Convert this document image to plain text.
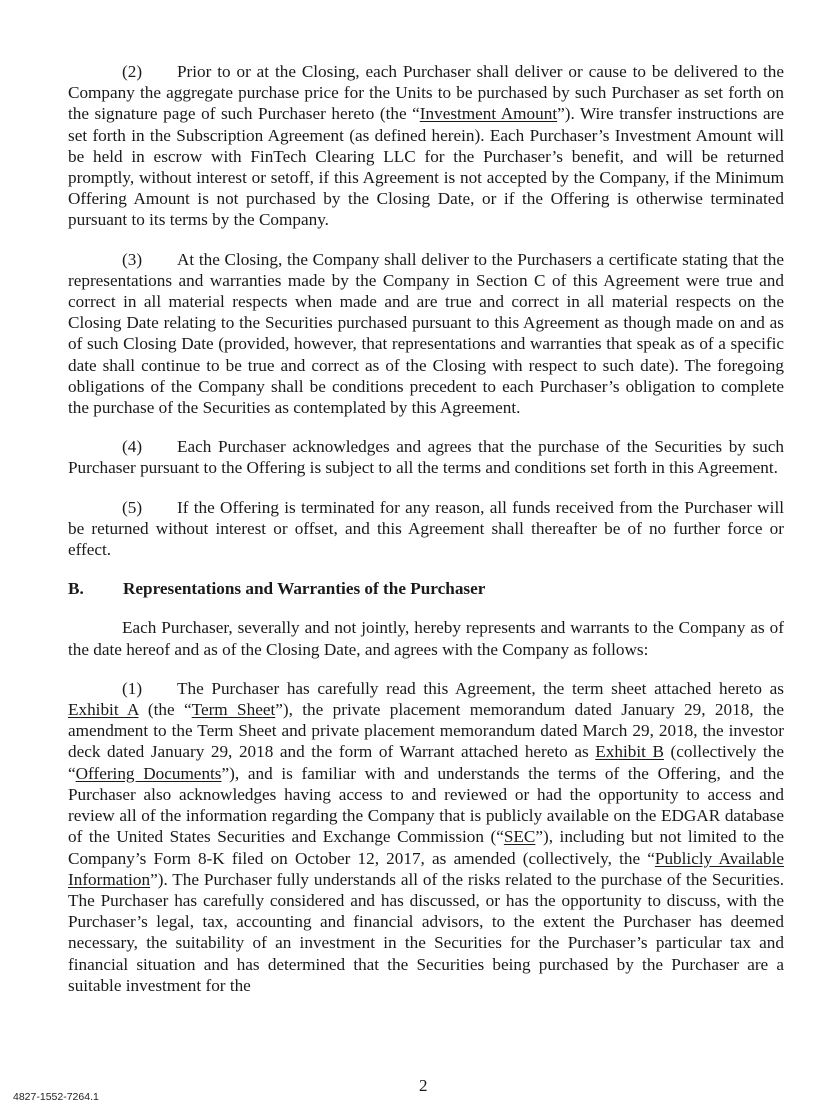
(2) Prior to or at the Closing, each Purchaser shall deliver or cause to be delivered to the Company the aggregate purchase price for the Units to be purchased by such Purchaser as set forth on the signature page of such Purchaser hereto (the “Investment Amount”). Wire transfer instructions are set forth in the Subscription Agreement (as defined herein). Each Purchaser’s Investment Amount will be held in escrow with FinTech Clearing LLC for the Purchaser’s benefit, and will be returned promptly, without interest or setoff, if this Agreement is not accepted by the Company, if the Minimum Offering Amount is not purchased by the Closing Date, or if the Offering is otherwise terminated pursuant to its terms by the Company.

(3) At the Closing, the Company shall deliver to the Purchasers a certificate stating that the representations and warranties made by the Company in Section C of this Agreement were true and correct in all material respects when made and are true and correct in all material respects on the Closing Date relating to the Securities purchased pursuant to this Agreement as though made on and as of such Closing Date (provided, however, that representations and warranties that speak as of a specific date shall continue to be true and correct as of the Closing with respect to such date). The foregoing obligations of the Company shall be conditions precedent to each Purchaser’s obligation to complete the purchase of the Securities as contemplated by this Agreement.

(4) Each Purchaser acknowledges and agrees that the purchase of the Securities by such Purchaser pursuant to the Offering is subject to all the terms and conditions set forth in this Agreement.

(5) If the Offering is terminated for any reason, all funds received from the Purchaser will be returned without interest or offset, and this Agreement shall thereafter be of no further force or effect.

B. Representations and Warranties of the Purchaser

Each Purchaser, severally and not jointly, hereby represents and warrants to the Company as of the date hereof and as of the Closing Date, and agrees with the Company as follows:

(1) The Purchaser has carefully read this Agreement, the term sheet attached hereto as Exhibit A (the “Term Sheet”), the private placement memorandum dated January 29, 2018, the amendment to the Term Sheet and private placement memorandum dated March 29, 2018, the investor deck dated January 29, 2018 and the form of Warrant attached hereto as Exhibit B (collectively the “Offering Documents”), and is familiar with and understands the terms of the Offering, and the Purchaser also acknowledges having access to and reviewed or had the opportunity to access and review all of the information regarding the Company that is publicly available on the EDGAR database of the United States Securities and Exchange Commission (“SEC”), including but not limited to the Company’s Form 8-K filed on October 12, 2017, as amended (collectively, the “Publicly Available Information”). The Purchaser fully understands all of the risks related to the purchase of the Securities. The Purchaser has carefully considered and has discussed, or has the opportunity to discuss, with the Purchaser’s legal, tax, accounting and financial advisors, to the extent the Purchaser has deemed necessary, the suitability of an investment in the Securities for the Purchaser’s particular tax and financial situation and has determined that the Securities being purchased by the Purchaser are a suitable investment for the

2
4827-1552-7264.1
